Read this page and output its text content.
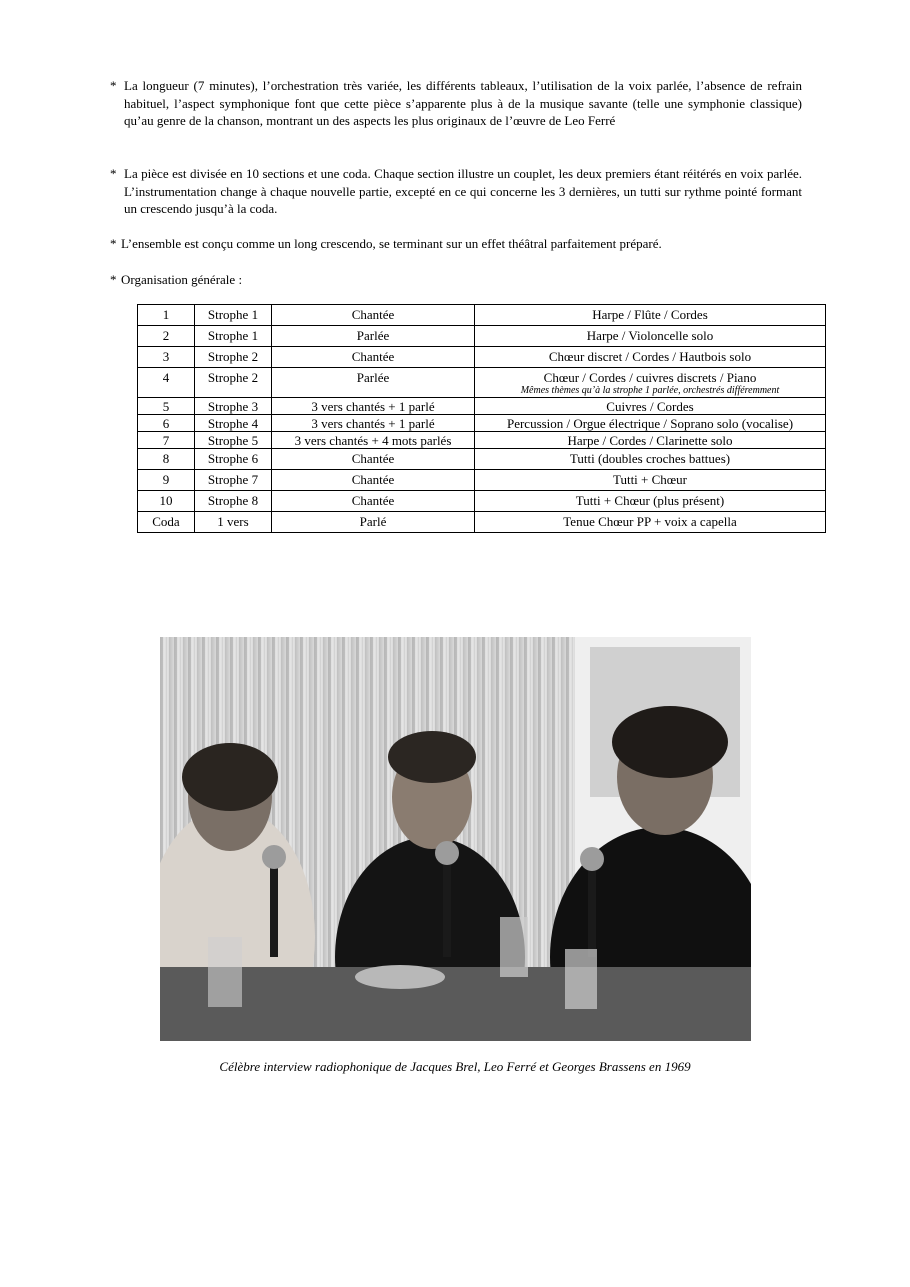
* La longueur (7 minutes), l’orchestration très variée, les différents tableaux, l’utilisation de la voix parlée, l’absence de refrain habituel, l’aspect symphonique font que cette pièce s’apparente plus à de la musique savante (telle une symphonie classique) qu’au genre de la chanson, montrant un des aspects les plus originaux de l’œuvre de Leo Ferré
* La pièce est divisée en 10 sections et une coda. Chaque section illustre un couplet, les deux premiers étant réitérés en voix parlée. L’instrumentation change à chaque nouvelle partie, excepté en ce qui concerne les 3 dernières, un tutti sur rythme pointé formant un crescendo jusqu’à la coda.
* L’ensemble est conçu comme un long crescendo, se terminant sur un effet théâtral parfaitement préparé.
* Organisation générale :
1	Strophe 1	Chantée	Harpe / Flûte / Cordes
2	Strophe 1	Parlée	Harpe / Violoncelle solo
3	Strophe 2	Chantée	Chœur discret / Cordes / Hautbois solo
4	Strophe 2	Parlée	Chœur / Cordes / cuivres discrets / Piano
Mêmes thèmes qu’à la strophe 1 parlée, orchestrés différemment

5	Strophe 3	3 vers chantés + 1 parlé	Cuivres / Cordes
6	Strophe 4	3 vers chantés + 1 parlé	Percussion / Orgue électrique / Soprano solo (vocalise)
7	Strophe 5	3 vers chantés + 4 mots parlés	Harpe / Cordes / Clarinette solo
8	Strophe 6	Chantée	Tutti (doubles croches battues)
9	Strophe 7	Chantée	Tutti + Chœur
10	Strophe 8	Chantée	Tutti + Chœur (plus présent)
Coda	1 vers	Parlé	Tenue Chœur PP + voix a capella
Célèbre interview radiophonique de Jacques Brel, Leo Ferré et Georges Brassens en 1969
